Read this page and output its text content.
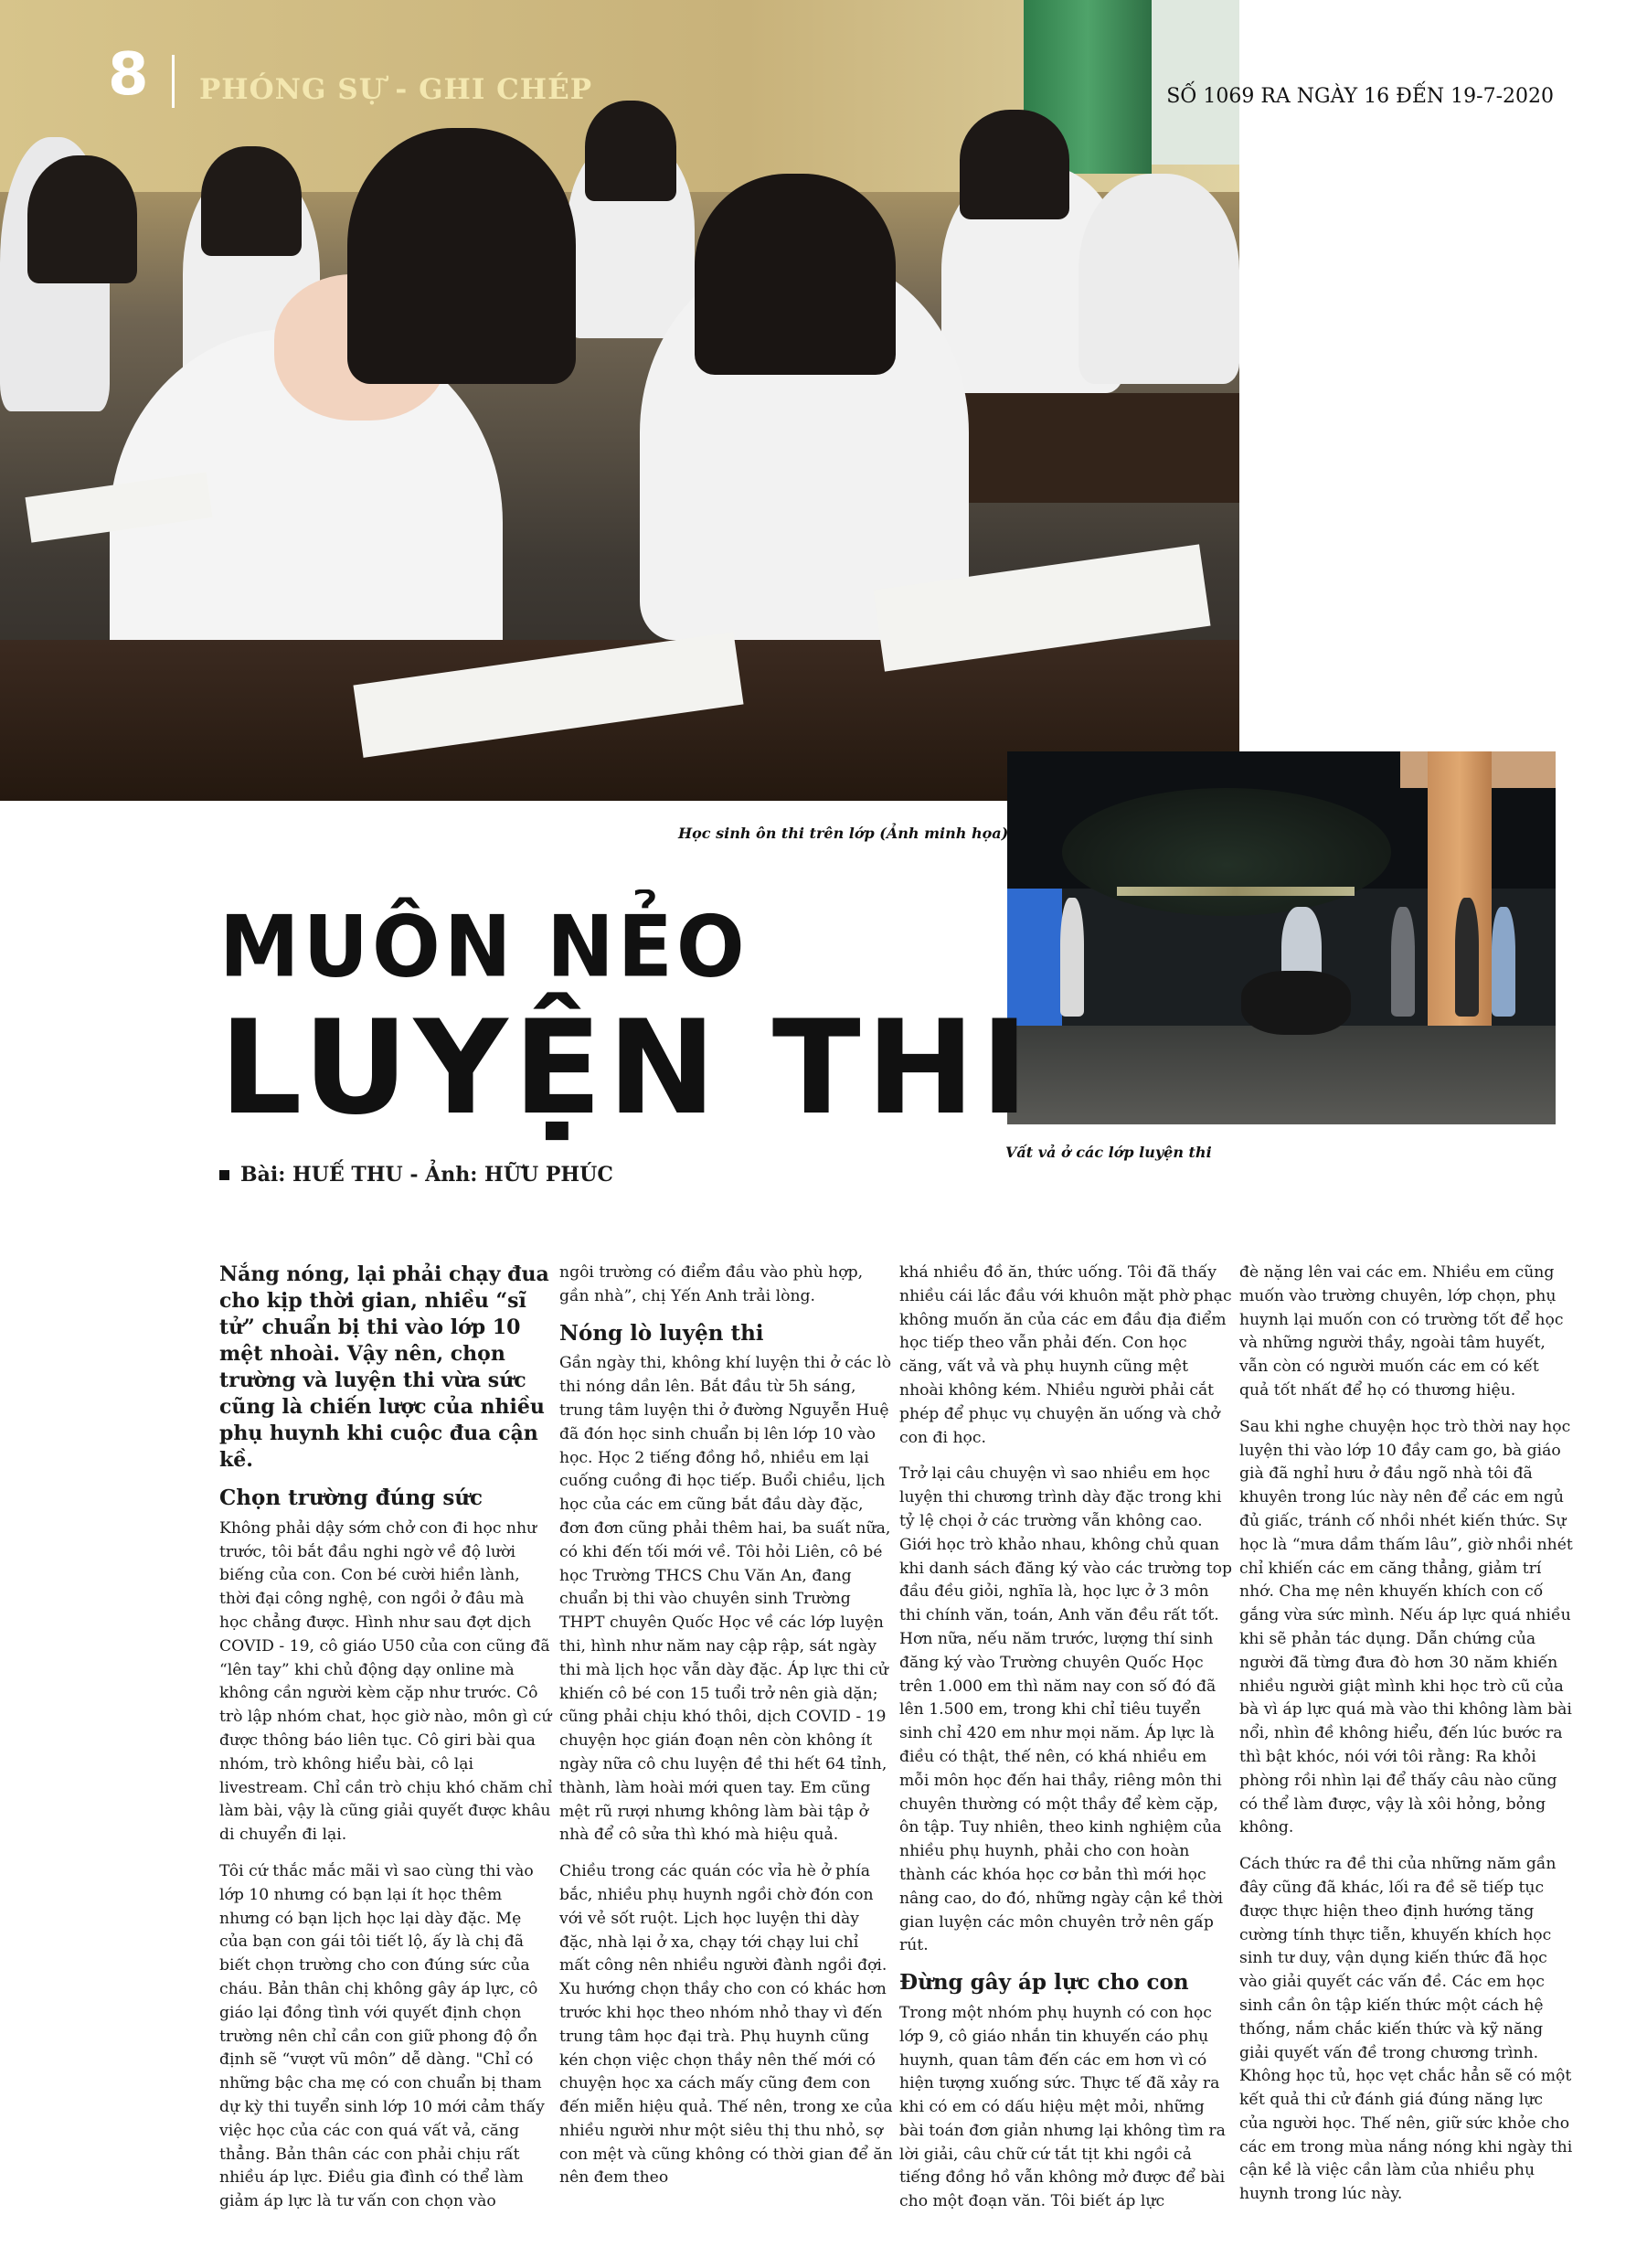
8 PHÓNG SỰ - GHI CHÉP	SỐ 1069 RA NGÀY 16 ĐẾN 19-7-2020
Học sinh ôn thi trên lớp (Ảnh minh họa)
Vất vả ở các lớp luyện thi
MUÔN NẺO
LUYỆN THI
Bài: HUẾ THU - Ảnh: HỮU PHÚC

Nắng nóng, lại phải chạy đua cho kịp thời gian, nhiều “sĩ tử” chuẩn bị thi vào lớp 10 mệt nhoài. Vậy nên, chọn trường và luyện thi vừa sức cũng là chiến lược của nhiều phụ huynh khi cuộc đua cận kề.

Chọn trường đúng sức

Không phải dậy sớm chở con đi học như trước, tôi bắt đầu nghi ngờ về độ lười biếng của con. Con bé cười hiền lành, thời đại công nghệ, con ngồi ở đâu mà học chẳng được. Hình như sau đợt dịch COVID - 19, cô giáo U50 của con cũng đã “lên tay” khi chủ động dạy online mà không cần người kèm cặp như trước. Cô trò lập nhóm chat, học giờ nào, môn gì cứ được thông báo liên tục. Cô giri bài qua nhóm, trò không hiểu bài, cô lại livestream. Chỉ cần trò chịu khó chăm chỉ làm bài, vậy là cũng giải quyết được khâu di chuyển đi lại.

Tôi cứ thắc mắc mãi vì sao cùng thi vào lớp 10 nhưng có bạn lại ít học thêm nhưng có bạn lịch học lại dày đặc. Mẹ của bạn con gái tôi tiết lộ, ấy là chị đã biết chọn trường cho con đúng sức của cháu. Bản thân chị không gây áp lực, cô giáo lại đồng tình với quyết định chọn trường nên chỉ cần con giữ phong độ ổn định sẽ “vượt vũ môn” dễ dàng. "Chỉ có những bậc cha mẹ có con chuẩn bị tham dự kỳ thi tuyển sinh lớp 10 mới cảm thấy việc học của các con quá vất vả, căng thẳng. Bản thân các con phải chịu rất nhiều áp lực. Điều gia đình có thể làm giảm áp lực là tư vấn con chọn vào

ngôi trường có điểm đầu vào phù hợp, gần nhà”, chị Yến Anh trải lòng.

Nóng lò luyện thi

Gần ngày thi, không khí luyện thi ở các lò thi nóng dần lên. Bắt đầu từ 5h sáng, trung tâm luyện thi ở đường Nguyễn Huệ đã đón học sinh chuẩn bị lên lớp 10 vào học. Học 2 tiếng đồng hồ, nhiều em lại cuống cuồng đi học tiếp. Buổi chiều, lịch học của các em cũng bắt đầu dày đặc, đơn đơn cũng phải thêm hai, ba suất nữa, có khi đến tối mới về. Tôi hỏi Liên, cô bé học Trường THCS Chu Văn An, đang chuẩn bị thi vào chuyên sinh Trường THPT chuyên Quốc Học về các lớp luyện thi, hình như năm nay cập rập, sát ngày thi mà lịch học vẫn dày đặc. Áp lực thi cử khiến cô bé con 15 tuổi trở nên già dặn; cũng phải chịu khó thôi, dịch COVID - 19 chuyện học gián đoạn nên còn không ít ngày nữa cô chu luyện đề thi hết 64 tỉnh, thành, làm hoài mới quen tay. Em cũng mệt rũ rượi nhưng không làm bài tập ở nhà để cô sửa thì khó mà hiệu quả.

Chiều trong các quán cóc vỉa hè ở phía bắc, nhiều phụ huynh ngồi chờ đón con với vẻ sốt ruột. Lịch học luyện thi dày đặc, nhà lại ở xa, chạy tới chạy lui chỉ mất công nên nhiều người đành ngồi đợi. Xu hướng chọn thầy cho con có khác hơn trước khi học theo nhóm nhỏ thay vì đến trung tâm học đại trà. Phụ huynh cũng kén chọn việc chọn thầy nên thế mới có chuyện học xa cách mấy cũng đem con đến miễn hiệu quả. Thế nên, trong xe của nhiều người như một siêu thị thu nhỏ, sợ con mệt và cũng không có thời gian để ăn nên đem theo

khá nhiều đồ ăn, thức uống. Tôi đã thấy nhiều cái lắc đầu với khuôn mặt phờ phạc không muốn ăn của các em đầu địa điểm học tiếp theo vẫn phải đến. Con học căng, vất vả và phụ huynh cũng mệt nhoài không kém. Nhiều người phải cắt phép để phục vụ chuyện ăn uống và chở con đi học.

Trở lại câu chuyện vì sao nhiều em học luyện thi chương trình dày đặc trong khi tỷ lệ chọi ở các trường vẫn không cao. Giới học trò khảo nhau, không chủ quan khi danh sách đăng ký vào các trường top đầu đều giỏi, nghĩa là, học lực ở 3 môn thi chính văn, toán, Anh văn đều rất tốt. Hơn nữa, nếu năm trước, lượng thí sinh đăng ký vào Trường chuyên Quốc Học trên 1.000 em thì năm nay con số đó đã lên 1.500 em, trong khi chỉ tiêu tuyển sinh chỉ 420 em như mọi năm. Áp lực là điều có thật, thế nên, có khá nhiều em mỗi môn học đến hai thầy, riêng môn thi chuyên thường có một thầy để kèm cặp, ôn tập. Tuy nhiên, theo kinh nghiệm của nhiều phụ huynh, phải cho con hoàn thành các khóa học cơ bản thì mới học nâng cao, do đó, những ngày cận kề thời gian luyện các môn chuyên trở nên gấp rút.

Đừng gây áp lực cho con

Trong một nhóm phụ huynh có con học lớp 9, cô giáo nhắn tin khuyến cáo phụ huynh, quan tâm đến các em hơn vì có hiện tượng xuống sức. Thực tế đã xảy ra khi có em có dấu hiệu mệt mỏi, những bài toán đơn giản nhưng lại không tìm ra lời giải, câu chữ cứ tắt tịt khi ngồi cả tiếng đồng hồ vẫn không mở được để bài cho một đoạn văn. Tôi biết áp lực

đè nặng lên vai các em. Nhiều em cũng muốn vào trường chuyên, lớp chọn, phụ huynh lại muốn con có trường tốt để học và những người thầy, ngoài tâm huyết, vẫn còn có người muốn các em có kết quả tốt nhất để họ có thương hiệu.

Sau khi nghe chuyện học trò thời nay học luyện thi vào lớp 10 đầy cam go, bà giáo già đã nghỉ hưu ở đầu ngõ nhà tôi đã khuyên trong lúc này nên để các em ngủ đủ giấc, tránh cố nhồi nhét kiến thức. Sự học là “mưa dầm thấm lâu”, giờ nhồi nhét chỉ khiến các em căng thẳng, giảm trí nhớ. Cha mẹ nên khuyến khích con cố gắng vừa sức mình. Nếu áp lực quá nhiều khi sẽ phản tác dụng. Dẫn chứng của người đã từng đưa đò hơn 30 năm khiến nhiều người giật mình khi học trò cũ của bà vì áp lực quá mà vào thi không làm bài nổi, nhìn đề không hiểu, đến lúc bước ra thì bật khóc, nói với tôi rằng: Ra khỏi phòng rồi nhìn lại để thấy câu nào cũng có thể làm được, vậy là xôi hỏng, bỏng không.

Cách thức ra đề thi của những năm gần đây cũng đã khác, lối ra đề sẽ tiếp tục được thực hiện theo định hướng tăng cường tính thực tiễn, khuyến khích học sinh tư duy, vận dụng kiến thức đã học vào giải quyết các vấn đề. Các em học sinh cần ôn tập kiến thức một cách hệ thống, nắm chắc kiến thức và kỹ năng giải quyết vấn đề trong chương trình. Không học tủ, học vẹt chắc hẳn sẽ có một kết quả thi cử đánh giá đúng năng lực của người học. Thế nên, giữ sức khỏe cho các em trong mùa nắng nóng khi ngày thi cận kề là việc cần làm của nhiều phụ huynh trong lúc này.
